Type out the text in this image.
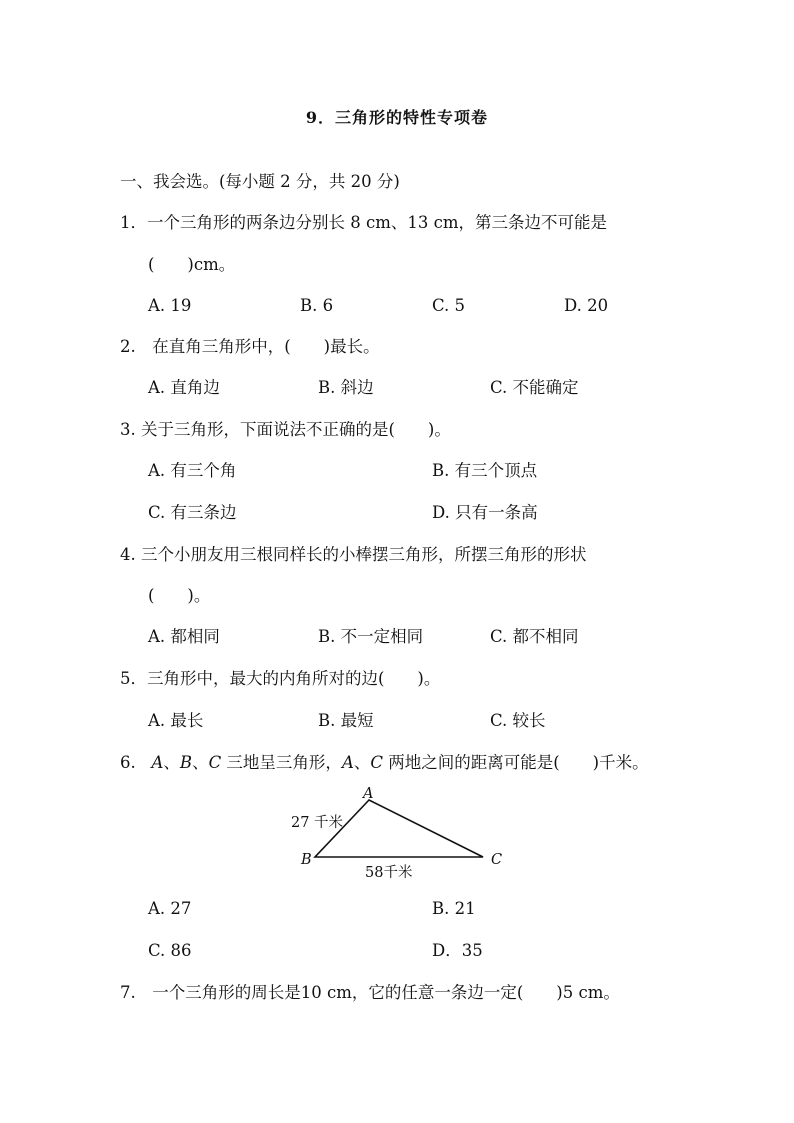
9．三角形的特性专项卷
一、我会选。(每小题 2 分，共 20 分)
1．一个三角形的两条边分别长 8 cm、13 cm，第三条边不可能是
(　　)cm。
A. 19	B. 6	C. 5	D. 20
2.　在直角三角形中，(　　)最长。
A. 直角边	B. 斜边	C. 不能确定
3. 关于三角形，下面说法不正确的是(　　)。
A. 有三个角	B. 有三个顶点
C. 有三条边	D. 只有一条高
4. 三个小朋友用三根同样长的小棒摆三角形，所摆三角形的形状
(　　)。
A. 都相同	B. 不一定相同	C. 都不相同
5．三角形中，最大的内角所对的边(　　)。
A. 最长	B. 最短	C. 较长
6. A、B、C 三地呈三角形，A、C 两地之间的距离可能是(　　)千米。
A
B	C
27 千米
58千米
A. 27	B. 21
C. 86	D．35
7.　一个三角形的周长是10 cm，它的任意一条边一定(　　)5 cm。
